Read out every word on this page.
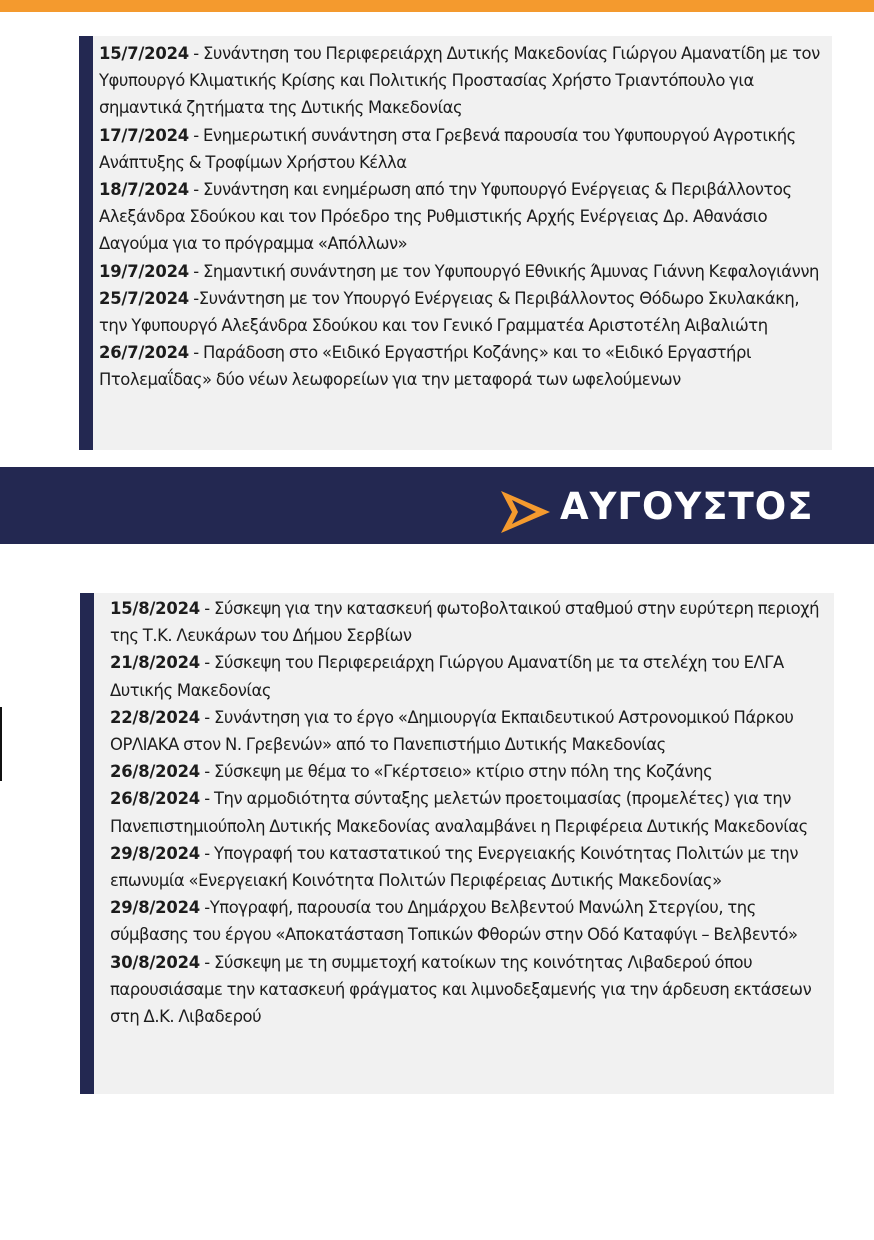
15/7/2024 - Συνάντηση του Περιφερειάρχη Δυτικής Μακεδονίας Γιώργου Αμανατίδη με τον Υφυπουργό Κλιματικής Κρίσης και Πολιτικής Προστασίας Χρήστο Τριαντόπουλο για σημαντικά ζητήματα της Δυτικής Μακεδονίας

17/7/2024 - Ενημερωτική συνάντηση στα Γρεβενά παρουσία του Υφυπουργού Αγροτικής Ανάπτυξης & Τροφίμων Χρήστου Κέλλα

18/7/2024 - Συνάντηση και ενημέρωση από την Υφυπουργό Ενέργειας & Περιβάλλοντος Αλεξάνδρα Σδούκου και τον Πρόεδρο της Ρυθμιστικής Αρχής Ενέργειας Δρ. Αθανάσιο Δαγούμα για το πρόγραμμα «Απόλλων»

19/7/2024 - Σημαντική συνάντηση με τον Υφυπουργό Εθνικής Άμυνας Γιάννη Κεφαλογιάννη

25/7/2024 -Συνάντηση με τον Υπουργό Ενέργειας & Περιβάλλοντος Θόδωρο Σκυλακάκη, την Υφυπουργό Αλεξάνδρα Σδούκου και τον Γενικό Γραμματέα Αριστοτέλη Αιβαλιώτη

26/7/2024 - Παράδοση στο «Ειδικό Εργαστήρι Κοζάνης» και το «Ειδικό Εργαστήρι Πτολεμαΐδας» δύο νέων λεωφορείων για την μεταφορά των ωφελούμενων

ΑΥΓΟΥΣΤΟΣ

15/8/2024 - Σύσκεψη για την κατασκευή φωτοβολταικού σταθμού στην ευρύτερη περιοχή της Τ.Κ. Λευκάρων του Δήμου Σερβίων

21/8/2024 - Σύσκεψη του Περιφερειάρχη Γιώργου Αμανατίδη με τα στελέχη του ΕΛΓΑ Δυτικής Μακεδονίας

22/8/2024 - Συνάντηση για το έργο «Δημιουργία Εκπαιδευτικού Αστρονομικού Πάρκου ΟΡΛΙΑΚΑ στον Ν. Γρεβενών» από το Πανεπιστήμιο Δυτικής Μακεδονίας

26/8/2024 - Σύσκεψη με θέμα το «Γκέρτσειο» κτίριο στην πόλη της Κοζάνης

26/8/2024 - Την αρμοδιότητα σύνταξης μελετών προετοιμασίας (προμελέτες) για την Πανεπιστημιούπολη Δυτικής Μακεδονίας αναλαμβάνει η Περιφέρεια Δυτικής Μακεδονίας

29/8/2024 - Υπογραφή του καταστατικού της Ενεργειακής Κοινότητας Πολιτών με την επωνυμία «Ενεργειακή Κοινότητα Πολιτών Περιφέρειας Δυτικής Μακεδονίας»

29/8/2024 -Υπογραφή, παρουσία του Δημάρχου Βελβεντού Μανώλη Στεργίου, της σύμβασης του έργου «Αποκατάσταση Τοπικών Φθορών στην Οδό Καταφύγι – Βελβεντό»

30/8/2024 - Σύσκεψη με τη συμμετοχή κατοίκων της κοινότητας Λιβαδερού όπου παρουσιάσαμε την κατασκευή φράγματος και λιμνοδεξαμενής για την άρδευση εκτάσεων στη Δ.Κ. Λιβαδερού
